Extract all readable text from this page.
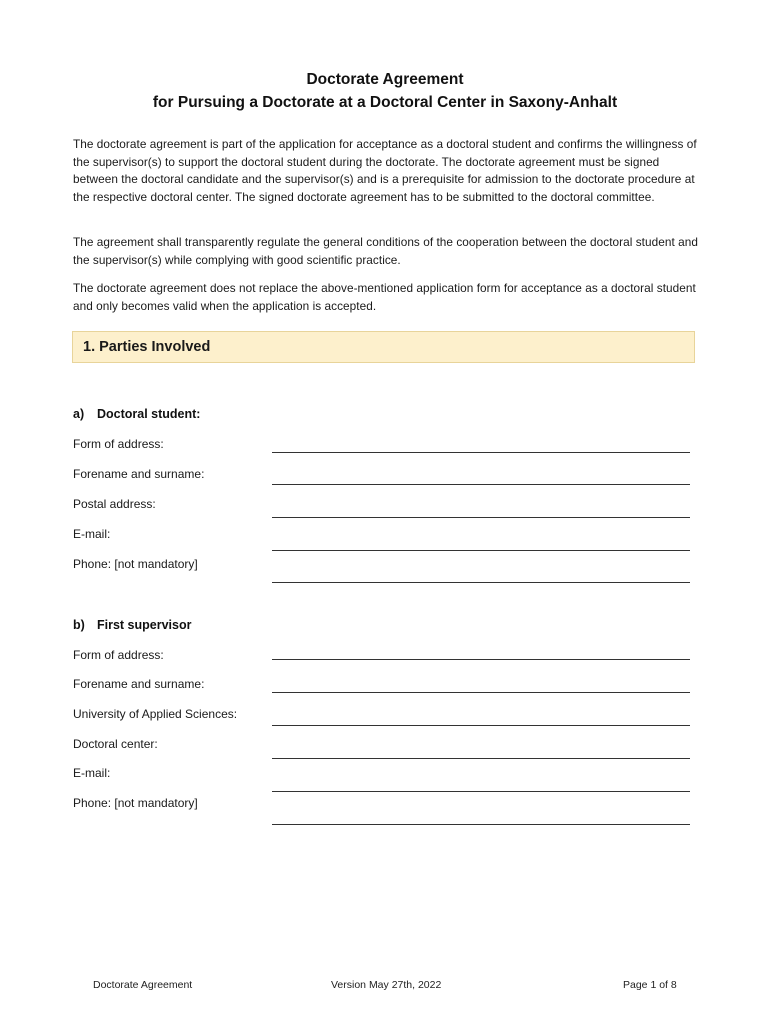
Doctorate Agreement
for Pursuing a Doctorate at a Doctoral Center in Saxony-Anhalt
The doctorate agreement is part of the application for acceptance as a doctoral student and confirms the willingness of the supervisor(s) to support the doctoral student during the doctorate. The doctorate agreement must be signed between the doctoral candidate and the supervisor(s) and is a prerequisite for admission to the doctorate procedure at the respective doctoral center. The signed doctorate agreement has to be submitted to the doctoral committee.
The agreement shall transparently regulate the general conditions of the cooperation between the doctoral student and the supervisor(s) while complying with good scientific practice.
The doctorate agreement does not replace the above-mentioned application form for acceptance as a doctoral student and only becomes valid when the application is accepted.
1. Parties Involved
a) Doctoral student:
Form of address:
Forename and surname:
Postal address:
E-mail:
Phone: [not mandatory]
b) First supervisor
Form of address:
Forename and surname:
University of Applied Sciences:
Doctoral center:
E-mail:
Phone: [not mandatory]
Doctorate Agreement	Version May 27th, 2022	Page 1 of 8
